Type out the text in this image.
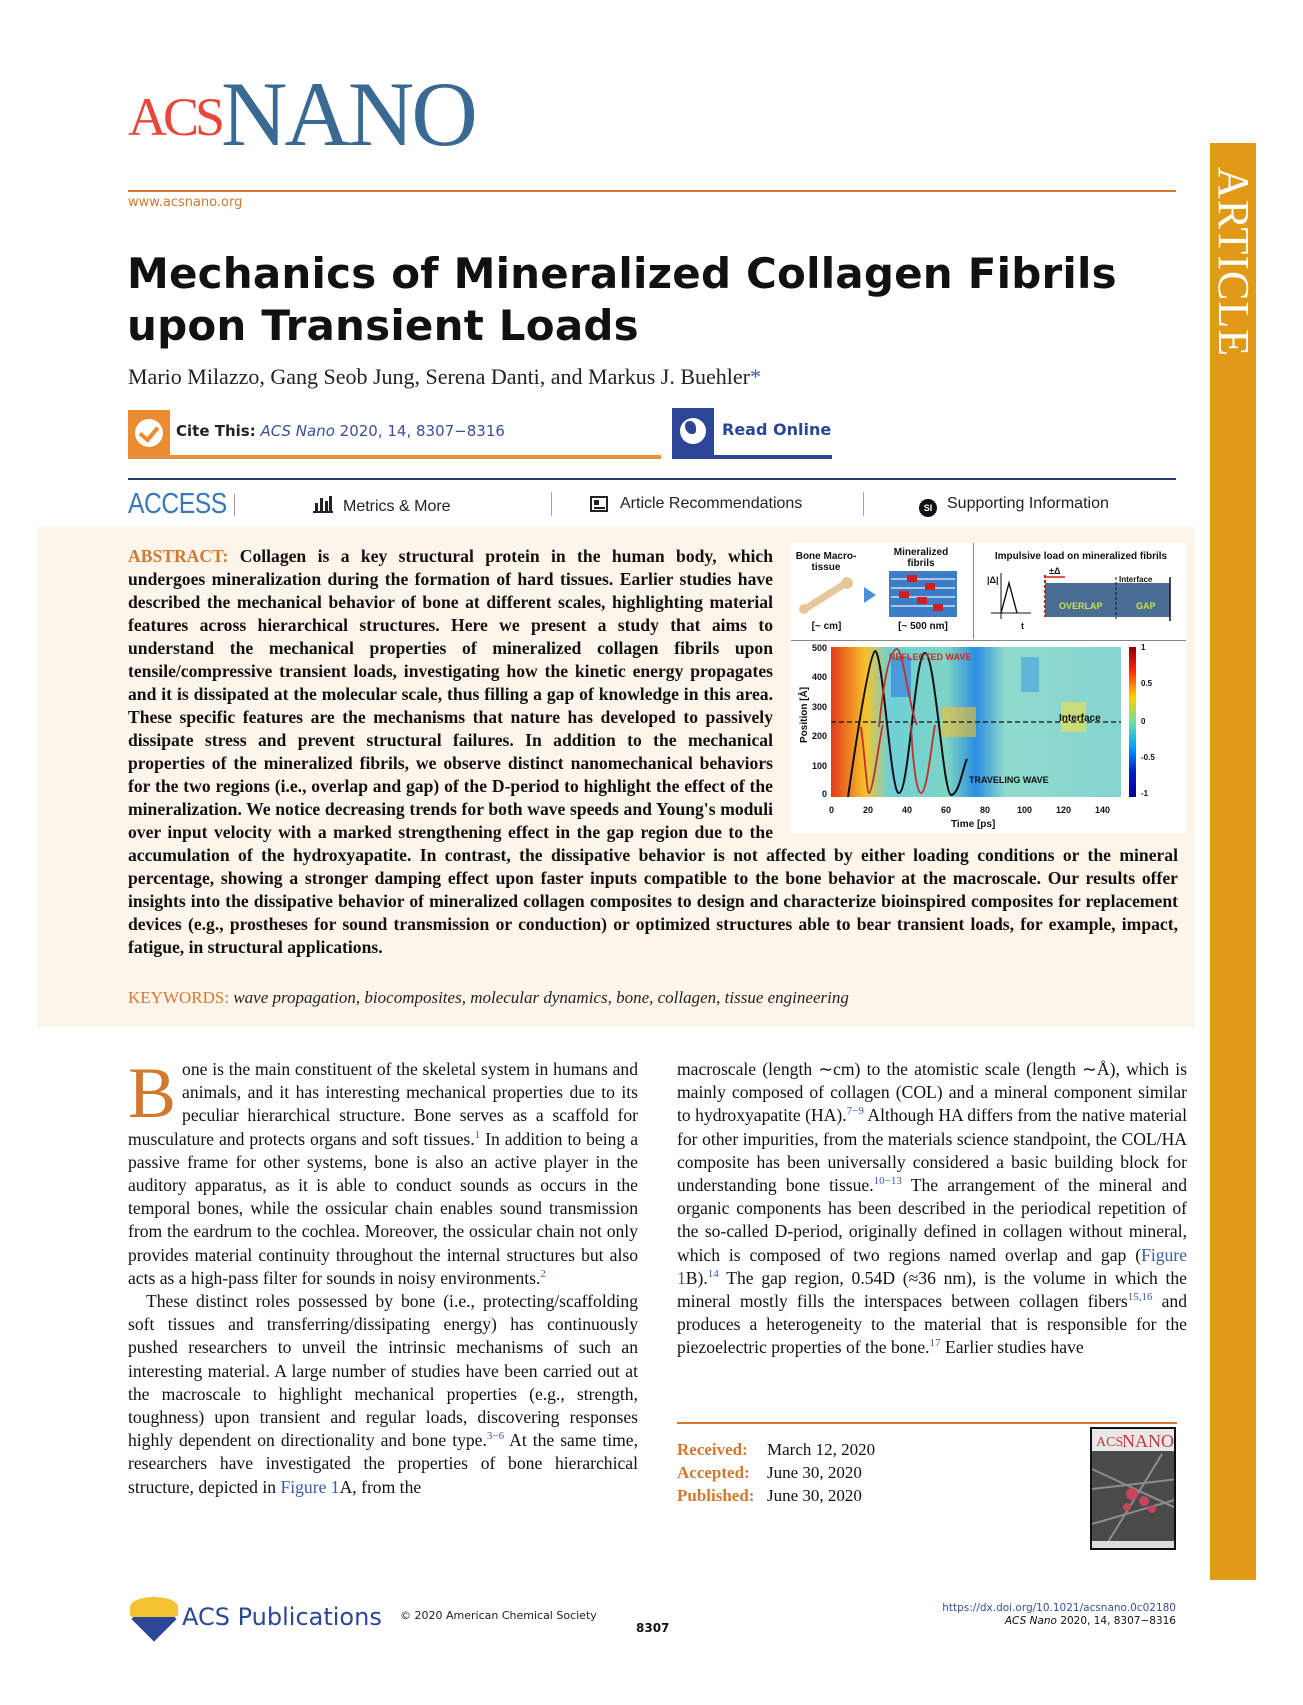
ACSNANO
www.acsnano.org	ARTICLE
Mechanics of Mineralized Collagen Fibrils upon Transient Loads
Mario Milazzo, Gang Seob Jung, Serena Danti, and Markus J. Buehler*
Cite This: ACS Nano 2020, 14, 8307−8316	Read Online
ACCESS	Metrics & More	Article Recommendations	SI Supporting Information
Bone Macro-tissue
[~ cm]
Mineralized fibrils
[~ 500 nm]
Impulsive load on mineralized fibrils
|Δ|
t
±Δ
Interface
OVERLAP	GAP
Position [Å]
500
400
300
200
100
0
REFLECTED WAVE
TRAVELING WAVE
Interface
0	20	40	60	80	100	120	140
Time [ps]
1
0.5
0
-0.5
-1
ABSTRACT: Collagen is a key structural protein in the human body, which undergoes mineralization during the formation of hard tissues. Earlier studies have described the mechanical behavior of bone at different scales, highlighting material features across hierarchical structures. Here we present a study that aims to understand the mechanical properties of mineralized collagen fibrils upon tensile/compressive transient loads, investigating how the kinetic energy propagates and it is dissipated at the molecular scale, thus filling a gap of knowledge in this area. These specific features are the mechanisms that nature has developed to passively dissipate stress and prevent structural failures. In addition to the mechanical properties of the mineralized fibrils, we observe distinct nanomechanical behaviors for the two regions (i.e., overlap and gap) of the D-period to highlight the effect of the mineralization. We notice decreasing trends for both wave speeds and Young's moduli over input velocity with a marked strengthening effect in the gap region due to the accumulation of the hydroxyapatite. In contrast, the dissipative behavior is not affected by either loading conditions or the mineral percentage, showing a stronger damping effect upon faster inputs compatible to the bone behavior at the macroscale. Our results offer insights into the dissipative behavior of mineralized collagen composites to design and characterize bioinspired composites for replacement devices (e.g., prostheses for sound transmission or conduction) or optimized structures able to bear transient loads, for example, impact, fatigue, in structural applications.
KEYWORDS: wave propagation, biocomposites, molecular dynamics, bone, collagen, tissue engineering

Bone is the main constituent of the skeletal system in humans and animals, and it has interesting mechanical properties due to its peculiar hierarchical structure. Bone serves as a scaffold for musculature and protects organs and soft tissues.$^1$ In addition to being a passive frame for other systems, bone is also an active player in the auditory apparatus, as it is able to conduct sounds as occurs in the temporal bones, while the ossicular chain enables sound transmission from the eardrum to the cochlea. Moreover, the ossicular chain not only provides material continuity throughout the internal structures but also acts as a high-pass filter for sounds in noisy environments.$^2$

These distinct roles possessed by bone (i.e., protecting/scaffolding soft tissues and transferring/dissipating energy) has continuously pushed researchers to unveil the intrinsic mechanisms of such an interesting material. A large number of studies have been carried out at the macroscale to highlight mechanical properties (e.g., strength, toughness) upon transient and regular loads, discovering responses highly dependent on directionality and bone type.$^{3-6}$ At the same time, researchers have investigated the properties of bone hierarchical structure, depicted in Figure 1A, from the

macroscale (length ∼cm) to the atomistic scale (length ∼Å), which is mainly composed of collagen (COL) and a mineral component similar to hydroxyapatite (HA).$^{7-9}$ Although HA differs from the native material for other impurities, from the materials science standpoint, the COL/HA composite has been universally considered a basic building block for understanding bone tissue.$^{10-13}$ The arrangement of the mineral and organic components has been described in the periodical repetition of the so-called D-period, originally defined in collagen without mineral, which is composed of two regions named overlap and gap (Figure 1B).$^{14}$ The gap region, 0.54D (≈36 nm), is the volume in which the mineral mostly fills the interspaces between collagen fibers$^{15,16}$ and produces a heterogeneity to the material that is responsible for the piezoelectric properties of the bone.$^{17}$ Earlier studies have

Received: March 12, 2020
Accepted: June 30, 2020
Published: June 30, 2020
ACS
NANO
ACS Publications © 2020 American Chemical Society
8307
https://dx.doi.org/10.1021/acsnano.0c02180
ACS Nano 2020, 14, 8307−8316
